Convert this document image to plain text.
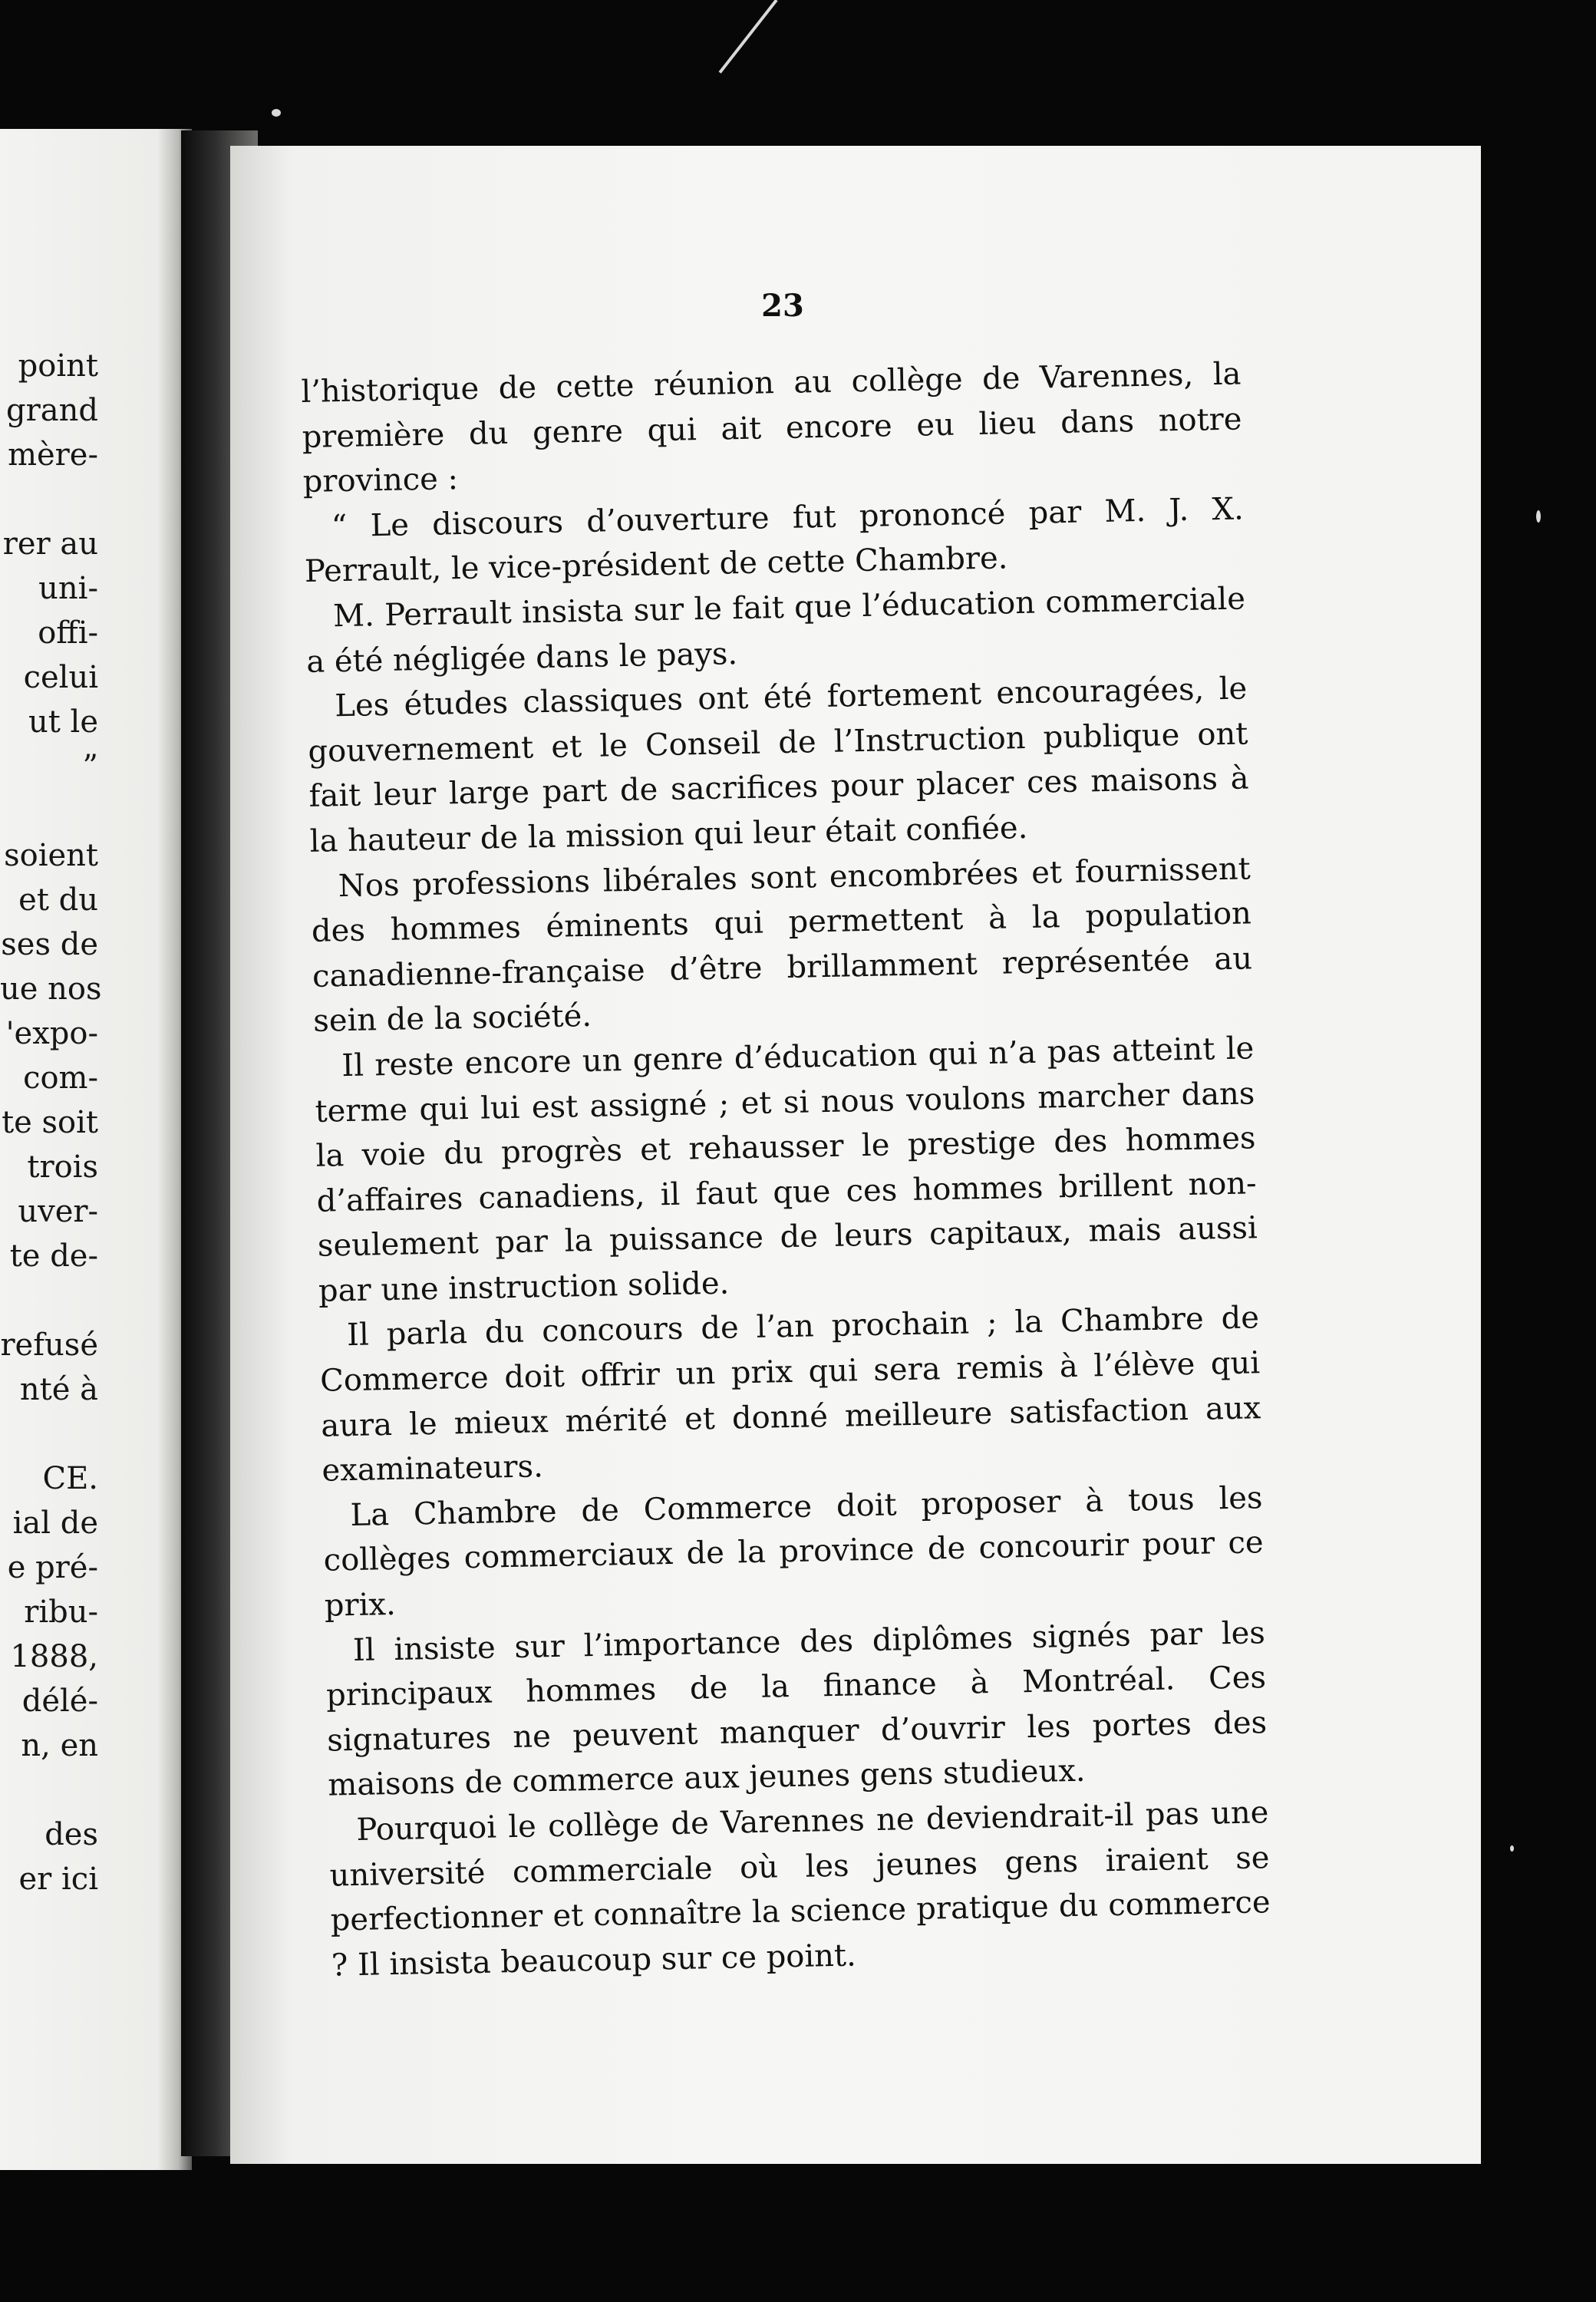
point
grand
mère-
rer au
uni-
offi-
celui
ut le
”
soient
et du
ses de
ue nos
'expo-
com-
te soit
trois
uver-
te de-
refusé
nté à
CE.
ial de
e pré-
ribu-
1888,
délé-
n, en
des
er ici
23

l’historique de cette réunion au collège de Varennes, la première du genre qui ait encore eu lieu dans notre province :

“ Le discours d’ouverture fut prononcé par M. J. X. Perrault, le vice-président de cette Chambre.

M. Perrault insista sur le fait que l’éducation commerciale a été négligée dans le pays.

Les études classiques ont été fortement encouragées, le gouvernement et le Conseil de l’Instruction publique ont fait leur large part de sacrifices pour placer ces maisons à la hauteur de la mission qui leur était confiée.

Nos professions libérales sont encombrées et fournissent des hommes éminents qui permettent à la population canadienne-française d’être brillamment représentée au sein de la société.

Il reste encore un genre d’éducation qui n’a pas atteint le terme qui lui est assigné ; et si nous voulons marcher dans la voie du progrès et rehausser le prestige des hommes d’affaires canadiens, il faut que ces hommes brillent non-seulement par la puissance de leurs capitaux, mais aussi par une instruction solide.

Il parla du concours de l’an prochain ; la Chambre de Commerce doit offrir un prix qui sera remis à l’élève qui aura le mieux mérité et donné meilleure satisfaction aux examinateurs.

La Chambre de Commerce doit proposer à tous les collèges commerciaux de la province de concourir pour ce prix.

Il insiste sur l’importance des diplômes signés par les principaux hommes de la finance à Montréal. Ces signatures ne peuvent manquer d’ouvrir les portes des maisons de commerce aux jeunes gens studieux.

Pourquoi le collège de Varennes ne deviendrait-il pas une université commerciale où les jeunes gens iraient se perfectionner et connaître la science pratique du commerce ? Il insista beaucoup sur ce point.
